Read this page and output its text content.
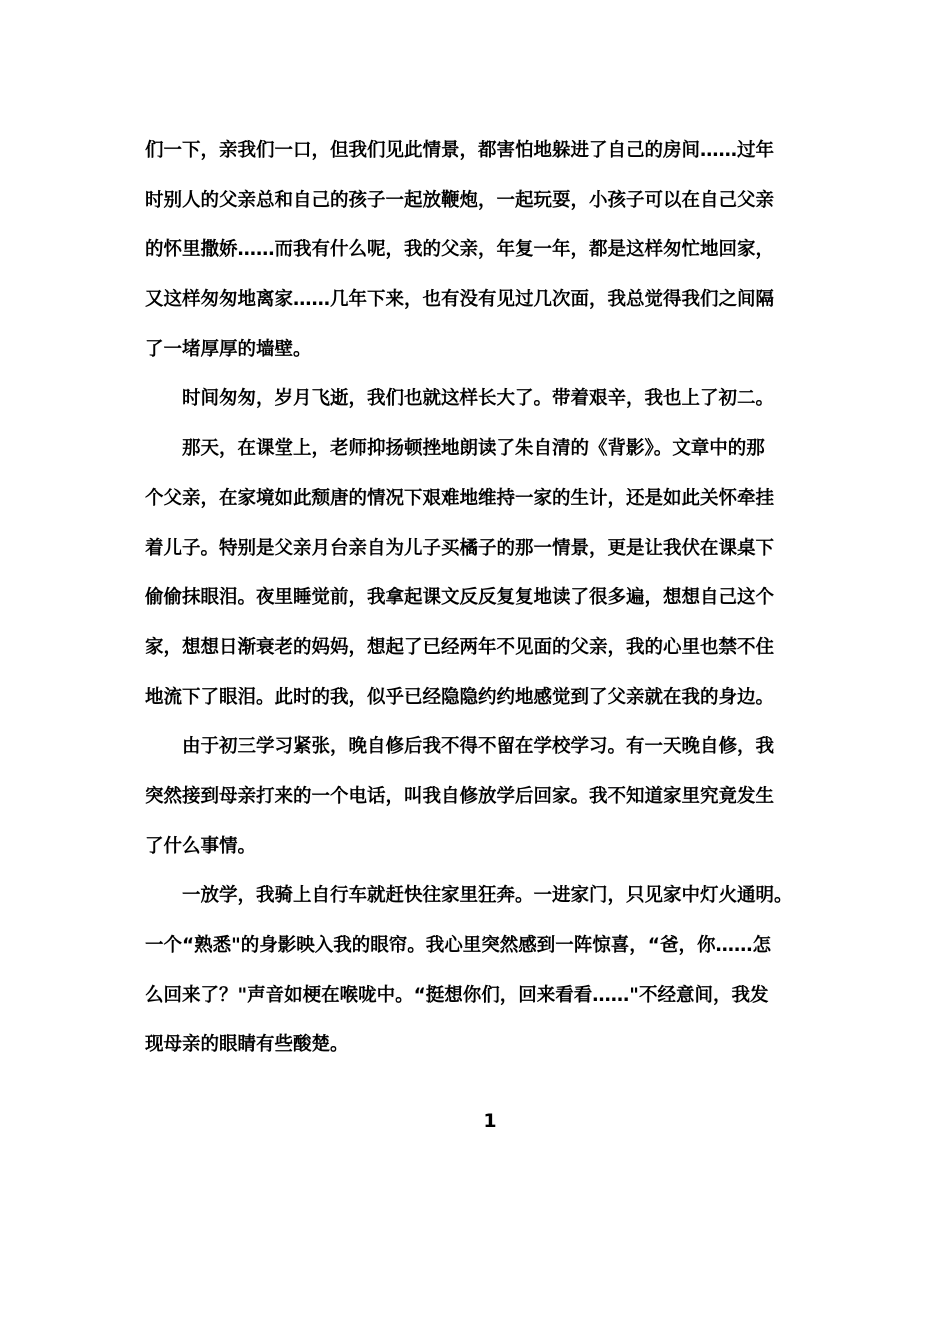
们一下，亲我们一口，但我们见此情景，都害怕地躲进了自己的房间……过年
时别人的父亲总和自己的孩子一起放鞭炮，一起玩耍，小孩子可以在自己父亲
的怀里撒娇……而我有什么呢，我的父亲，年复一年，都是这样匆忙地回家，
又这样匆匆地离家……几年下来，也有没有见过几次面，我总觉得我们之间隔
了一堵厚厚的墙壁。
时间匆匆，岁月飞逝，我们也就这样长大了。带着艰辛，我也上了初二。
那天，在课堂上，老师抑扬顿挫地朗读了朱自清的《背影》。文章中的那
个父亲，在家境如此颓唐的情况下艰难地维持一家的生计，还是如此关怀牵挂
着儿子。特别是父亲月台亲自为儿子买橘子的那一情景，更是让我伏在课桌下
偷偷抹眼泪。夜里睡觉前，我拿起课文反反复复地读了很多遍，想想自己这个
家，想想日渐衰老的妈妈，想起了已经两年不见面的父亲，我的心里也禁不住
地流下了眼泪。此时的我，似乎已经隐隐约约地感觉到了父亲就在我的身边。
由于初三学习紧张，晚自修后我不得不留在学校学习。有一天晚自修，我
突然接到母亲打来的一个电话，叫我自修放学后回家。我不知道家里究竟发生
了什么事情。
一放学，我骑上自行车就赶快往家里狂奔。一进家门，只见家中灯火通明。
一个“熟悉"的身影映入我的眼帘。我心里突然感到一阵惊喜，“爸，你……怎
么回来了？"声音如梗在喉咙中。“挺想你们，回来看看……"不经意间，我发
现母亲的眼睛有些酸楚。
1
